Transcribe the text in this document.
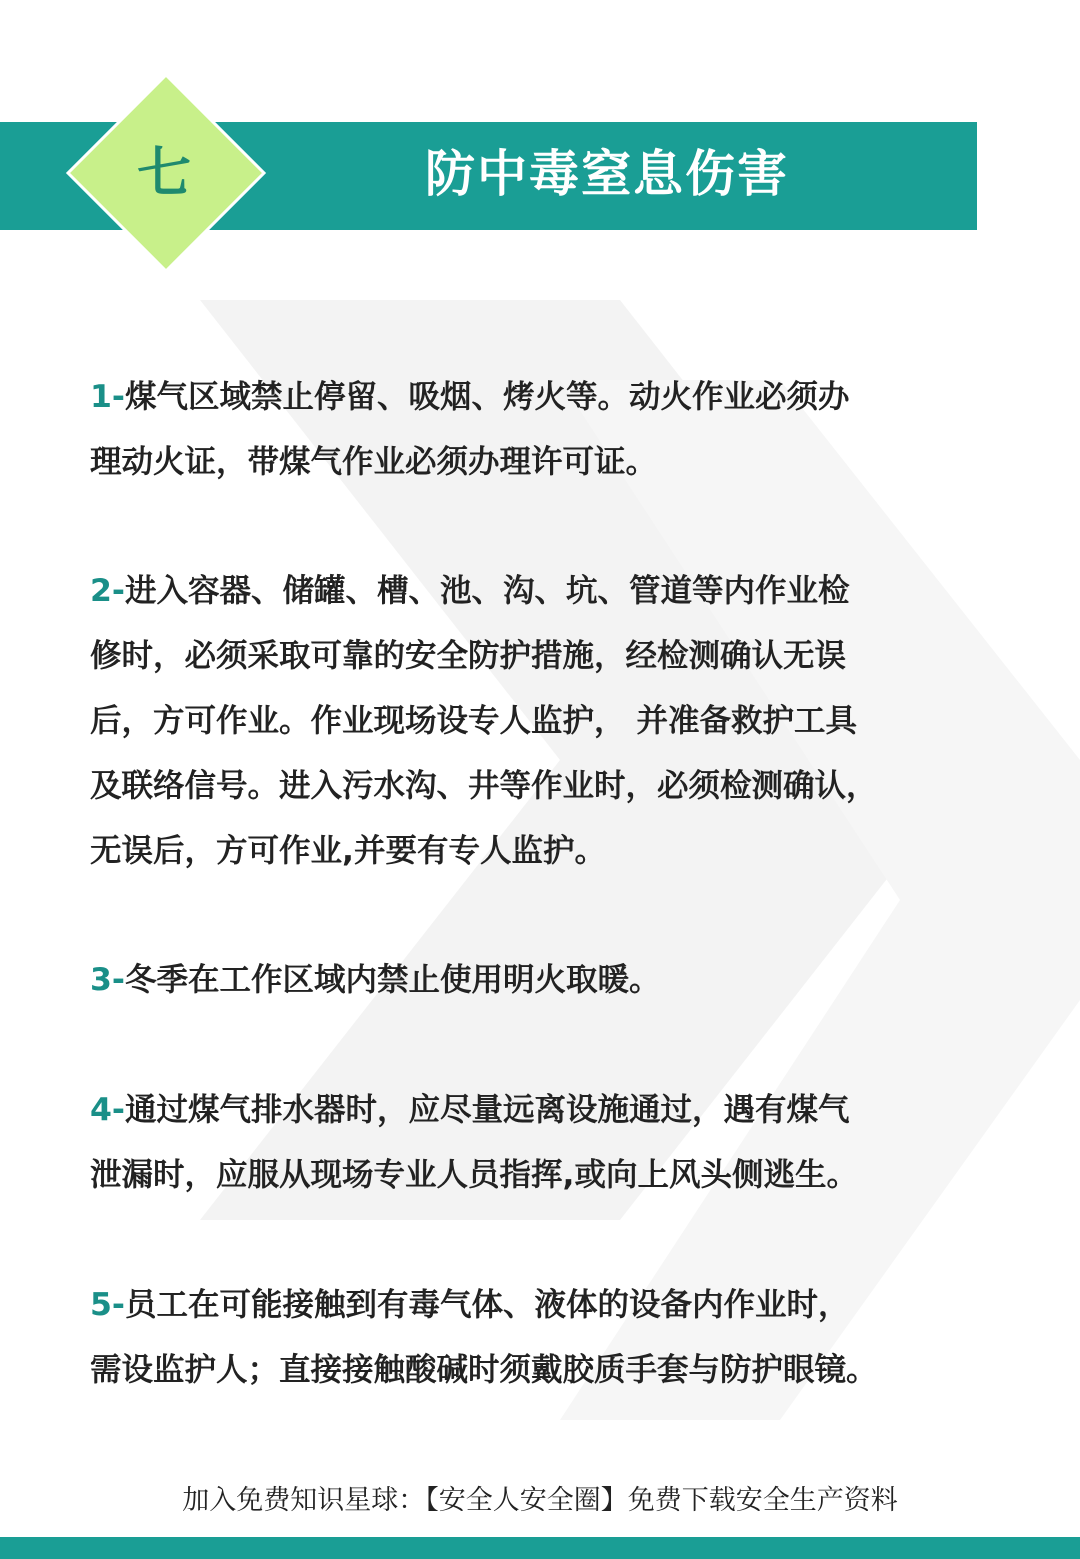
七	防中毒窒息伤害
1-煤气区域禁止停留、吸烟、烤火等。动火作业必须办
理动火证，带煤气作业必须办理许可证。
2-进入容器、储罐、槽、池、沟、坑、管道等内作业检
修时，必须采取可靠的安全防护措施，经检测确认无误
后，方可作业。作业现场设专人监护， 并准备救护工具
及联络信号。进入污水沟、井等作业时，必须检测确认，
无误后，方可作业,并要有专人监护。
3-冬季在工作区域内禁止使用明火取暖。
4-通过煤气排水器时，应尽量远离设施通过，遇有煤气
泄漏时，应服从现场专业人员指挥,或向上风头侧逃生。
5-员工在可能接触到有毒气体、液体的设备内作业时，
需设监护人；直接接触酸碱时须戴胶质手套与防护眼镜。
加入免费知识星球：【安全人安全圈】免费下载安全生产资料
